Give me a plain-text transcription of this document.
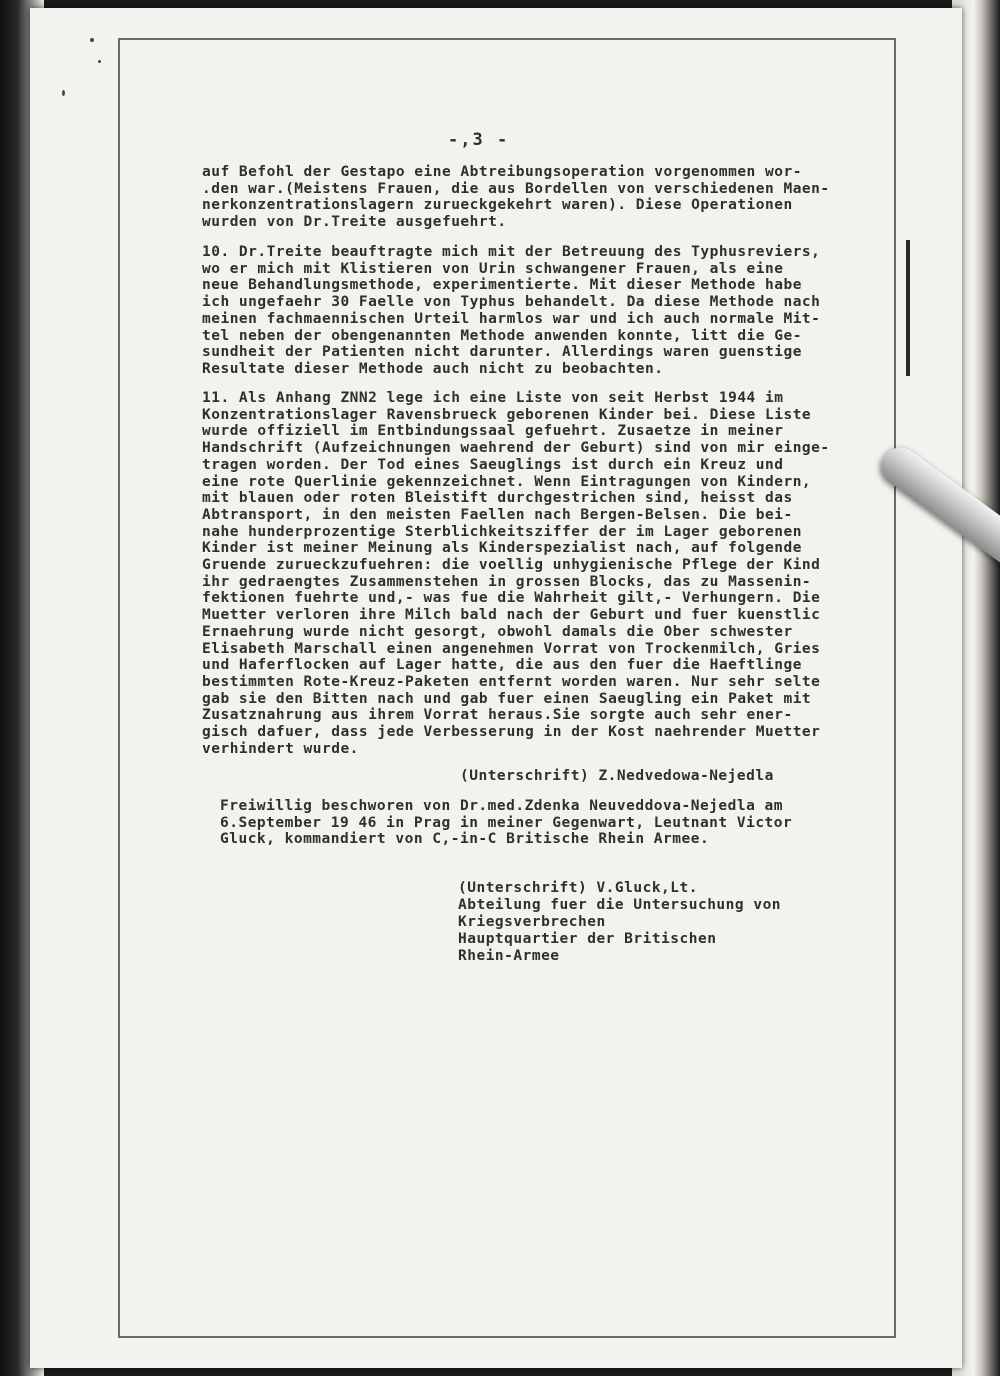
-,3 -
auf Befohl der Gestapo eine Abtreibungsoperation vorgenommen wor-
.den war.(Meistens Frauen, die aus Bordellen von verschiedenen Maen-
nerkonzentrationslagern zurueckgekehrt waren). Diese Operationen
wurden von Dr.Treite ausgefuehrt.
10. Dr.Treite beauftragte mich mit der Betreuung des Typhusreviers,
wo er mich mit Klistieren von Urin schwangener Frauen, als eine
neue Behandlungsmethode, experimentierte. Mit dieser Methode habe
ich ungefaehr 30 Faelle von Typhus behandelt. Da diese Methode nach
meinen fachmaennischen Urteil harmlos war und ich auch normale Mit-
tel neben der obengenannten Methode anwenden konnte, litt die Ge-
sundheit der Patienten nicht darunter. Allerdings waren guenstige
Resultate dieser Methode auch nicht zu beobachten.
11. Als Anhang ZNN2 lege ich eine Liste von seit Herbst 1944 im
Konzentrationslager Ravensbrueck geborenen Kinder bei. Diese Liste
wurde offiziell im Entbindungssaal gefuehrt. Zusaetze in meiner
Handschrift (Aufzeichnungen waehrend der Geburt) sind von mir einge-
tragen worden. Der Tod eines Saeuglings ist durch ein Kreuz und
eine rote Querlinie gekennzeichnet. Wenn Eintragungen von Kindern,
mit blauen oder roten Bleistift durchgestrichen sind, heisst das
Abtransport, in den meisten Faellen nach Bergen-Belsen. Die bei-
nahe hunderprozentige Sterblichkeitsziffer der im Lager geborenen
Kinder ist meiner Meinung als Kinderspezialist nach, auf folgende
Gruende zurueckzufuehren: die voellig unhygienische Pflege der Kind
ihr gedraengtes Zusammenstehen in grossen Blocks, das zu Massenin-
fektionen fuehrte und,- was fue die Wahrheit gilt,- Verhungern. Die
Muetter verloren ihre Milch bald nach der Geburt und fuer kuenstlic
Ernaehrung wurde nicht gesorgt, obwohl damals die Ober schwester
Elisabeth Marschall einen angenehmen Vorrat von Trockenmilch, Gries
und Haferflocken auf Lager hatte, die aus den fuer die Haeftlinge
bestimmten Rote-Kreuz-Paketen entfernt worden waren. Nur sehr selte
gab sie den Bitten nach und gab fuer einen Saeugling ein Paket mit
Zusatznahrung aus ihrem Vorrat heraus.Sie sorgte auch sehr ener-
gisch dafuer, dass jede Verbesserung in der Kost naehrender Muetter
verhindert wurde.
(Unterschrift) Z.Nedvedowa-Nejedla
Freiwillig beschworen von Dr.med.Zdenka Neuveddova-Nejedla am
6.September 19 46 in Prag in meiner Gegenwart, Leutnant Victor
Gluck, kommandiert von C,-in-C Britische Rhein Armee.
(Unterschrift) V.Gluck,Lt.
Abteilung fuer die Untersuchung von
Kriegsverbrechen
Hauptquartier der Britischen
Rhein-Armee
